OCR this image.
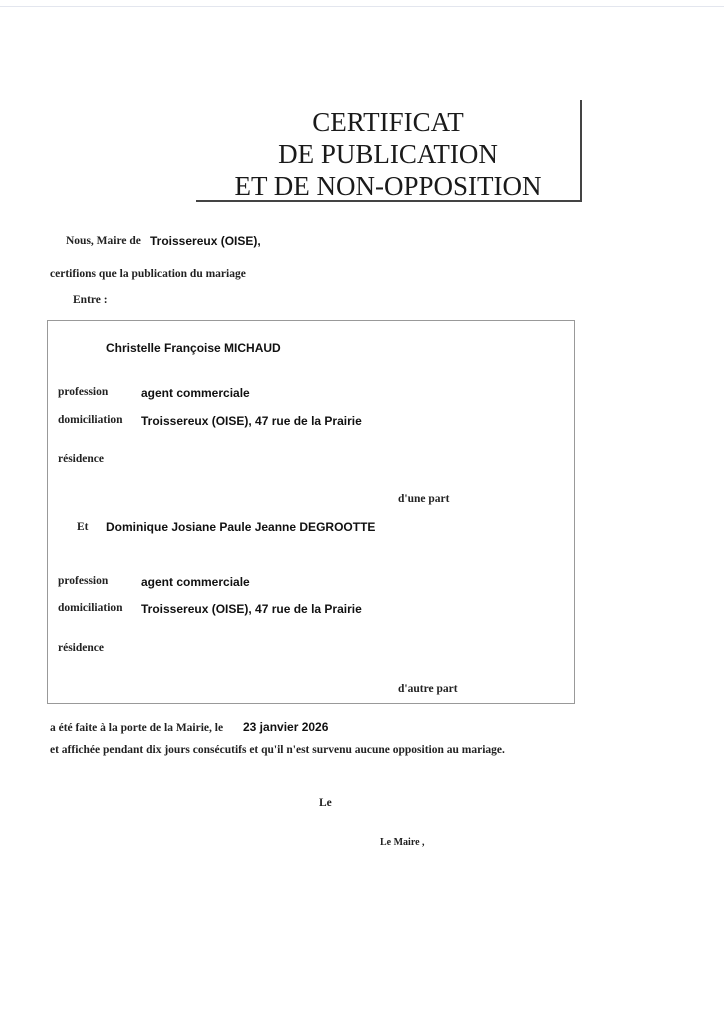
CERTIFICAT
DE PUBLICATION
ET DE NON-OPPOSITION
Nous, Maire de Troissereux (OISE),
certifions que la publication du mariage
Entre :
Christelle Françoise MICHAUD
profession	agent commerciale
domiciliation Troissereux (OISE), 47 rue de la Prairie
résidence
d'une part
Et Dominique Josiane Paule Jeanne DEGROOTTE
profession	agent commerciale
domiciliation Troissereux (OISE), 47 rue de la Prairie
résidence
d'autre part
a été faite à la porte de la Mairie, le 23 janvier 2026
et affichée pendant dix jours consécutifs et qu'il n'est survenu aucune opposition au mariage.
Le
Le Maire ,
